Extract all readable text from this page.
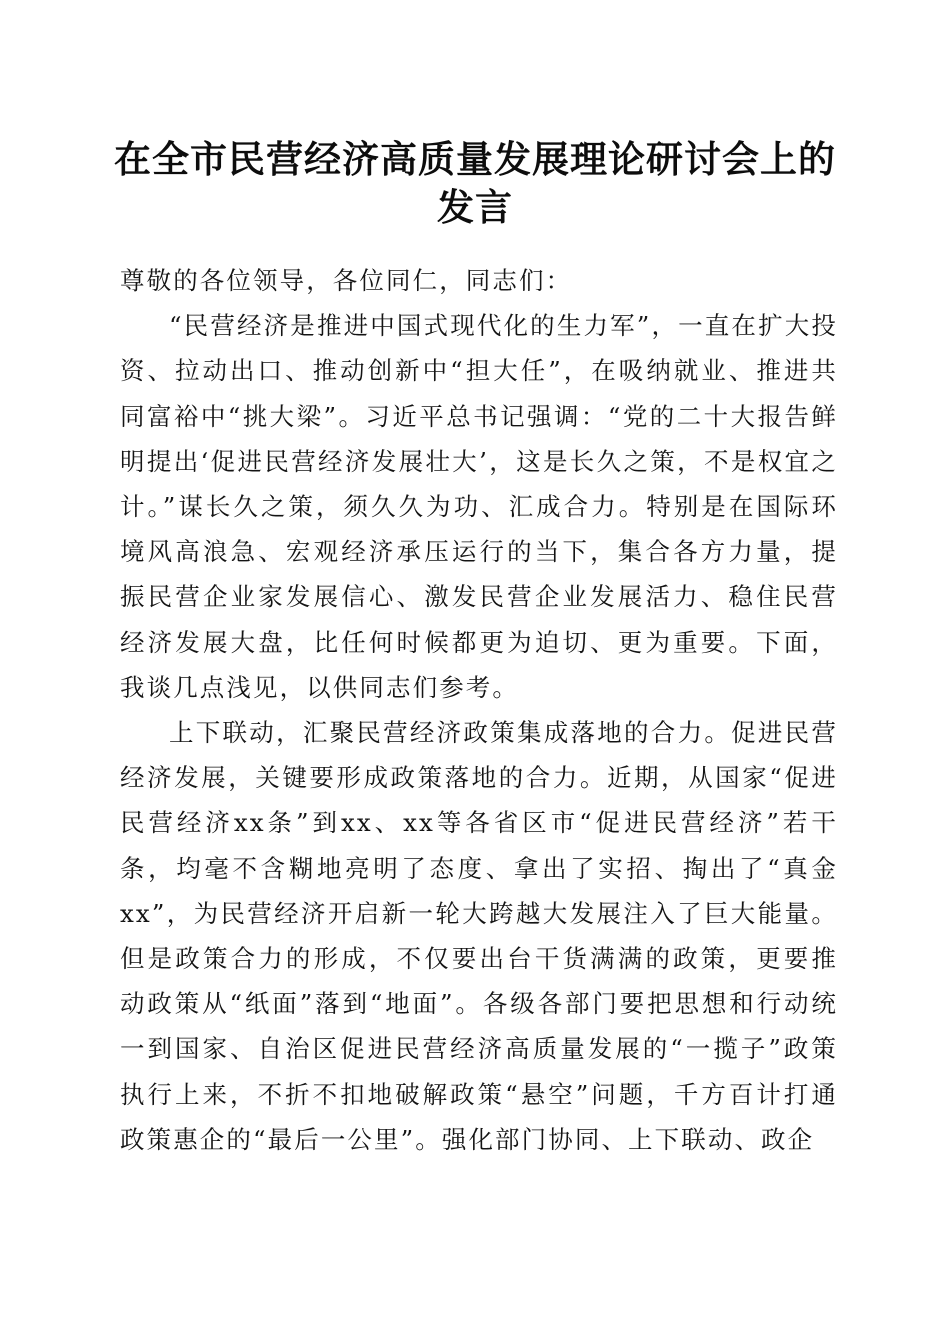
在全市民营经济高质量发展理论研讨会上的发言

尊敬的各位领导，各位同仁，同志们：

“民营经济是推进中国式现代化的生力军”，一直在扩大投资、拉动出口、推动创新中“担大任”，在吸纳就业、推进共同富裕中“挑大梁”。习近平总书记强调：“党的二十大报告鲜明提出‘促进民营经济发展壮大’，这是长久之策，不是权宜之计。”谋长久之策，须久久为功、汇成合力。特别是在国际环境风高浪急、宏观经济承压运行的当下，集合各方力量，提振民营企业家发展信心、激发民营企业发展活力、稳住民营经济发展大盘，比任何时候都更为迫切、更为重要。下面，我谈几点浅见，以供同志们参考。

上下联动，汇聚民营经济政策集成落地的合力。促进民营经济发展，关键要形成政策落地的合力。近期，从国家“促进民营经济xx条”到xx、xx等各省区市“促进民营经济”若干条，均毫不含糊地亮明了态度、拿出了实招、掏出了“真金xx”，为民营经济开启新一轮大跨越大发展注入了巨大能量。但是政策合力的形成，不仅要出台干货满满的政策，更要推动政策从“纸面”落到“地面”。各级各部门要把思想和行动统一到国家、自治区促进民营经济高质量发展的“一揽子”政策执行上来，不折不扣地破解政策“悬空”问题，千方百计打通政策惠企的“最后一公里”。强化部门协同、上下联动、政企
